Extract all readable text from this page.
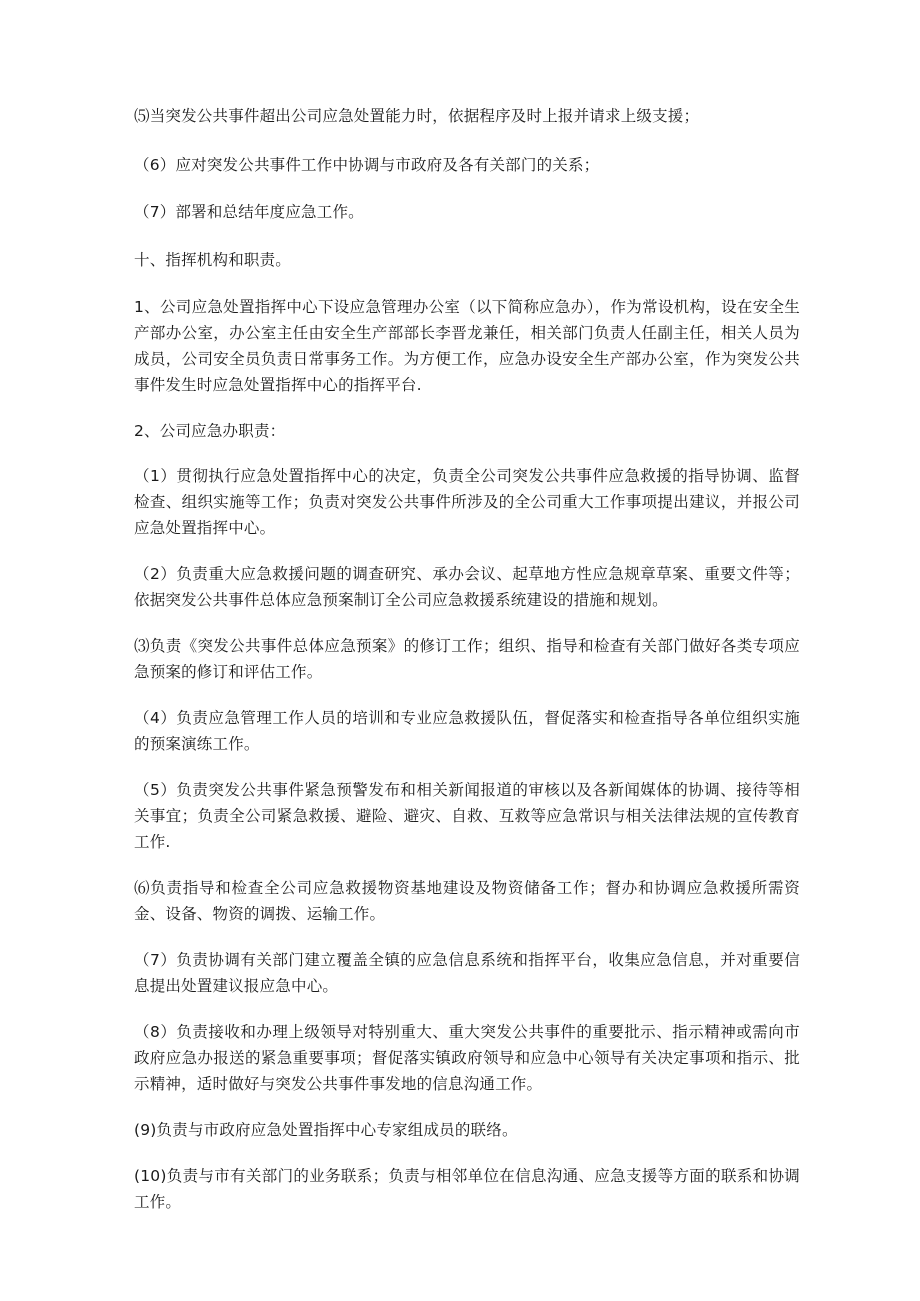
⑸当突发公共事件超出公司应急处置能力时，依据程序及时上报并请求上级支援；

（6）应对突发公共事件工作中协调与市政府及各有关部门的关系；

（7）部署和总结年度应急工作。

十、指挥机构和职责。

1、公司应急处置指挥中心下设应急管理办公室（以下简称应急办），作为常设机构，设在安全生产部办公室，办公室主任由安全生产部部长李晋龙兼任，相关部门负责人任副主任，相关人员为成员，公司安全员负责日常事务工作。为方便工作，应急办设安全生产部办公室，作为突发公共事件发生时应急处置指挥中心的指挥平台.

2、公司应急办职责：

（1）贯彻执行应急处置指挥中心的决定，负责全公司突发公共事件应急救援的指导协调、监督检查、组织实施等工作；负责对突发公共事件所涉及的全公司重大工作事项提出建议，并报公司应急处置指挥中心。

（2）负责重大应急救援问题的调查研究、承办会议、起草地方性应急规章草案、重要文件等；依据突发公共事件总体应急预案制订全公司应急救援系统建设的措施和规划。

⑶负责《突发公共事件总体应急预案》的修订工作；组织、指导和检查有关部门做好各类专项应急预案的修订和评估工作。

（4）负责应急管理工作人员的培训和专业应急救援队伍，督促落实和检查指导各单位组织实施的预案演练工作。

（5）负责突发公共事件紧急预警发布和相关新闻报道的审核以及各新闻媒体的协调、接待等相关事宜；负责全公司紧急救援、避险、避灾、自救、互救等应急常识与相关法律法规的宣传教育工作.

⑹负责指导和检查全公司应急救援物资基地建设及物资储备工作；督办和协调应急救援所需资金、设备、物资的调拨、运输工作。

（7）负责协调有关部门建立覆盖全镇的应急信息系统和指挥平台，收集应急信息，并对重要信息提出处置建议报应急中心。

（8）负责接收和办理上级领导对特别重大、重大突发公共事件的重要批示、指示精神或需向市政府应急办报送的紧急重要事项；督促落实镇政府领导和应急中心领导有关决定事项和指示、批示精神，适时做好与突发公共事件事发地的信息沟通工作。

(9)负责与市政府应急处置指挥中心专家组成员的联络。

(10)负责与市有关部门的业务联系；负责与相邻单位在信息沟通、应急支援等方面的联系和协调工作。
